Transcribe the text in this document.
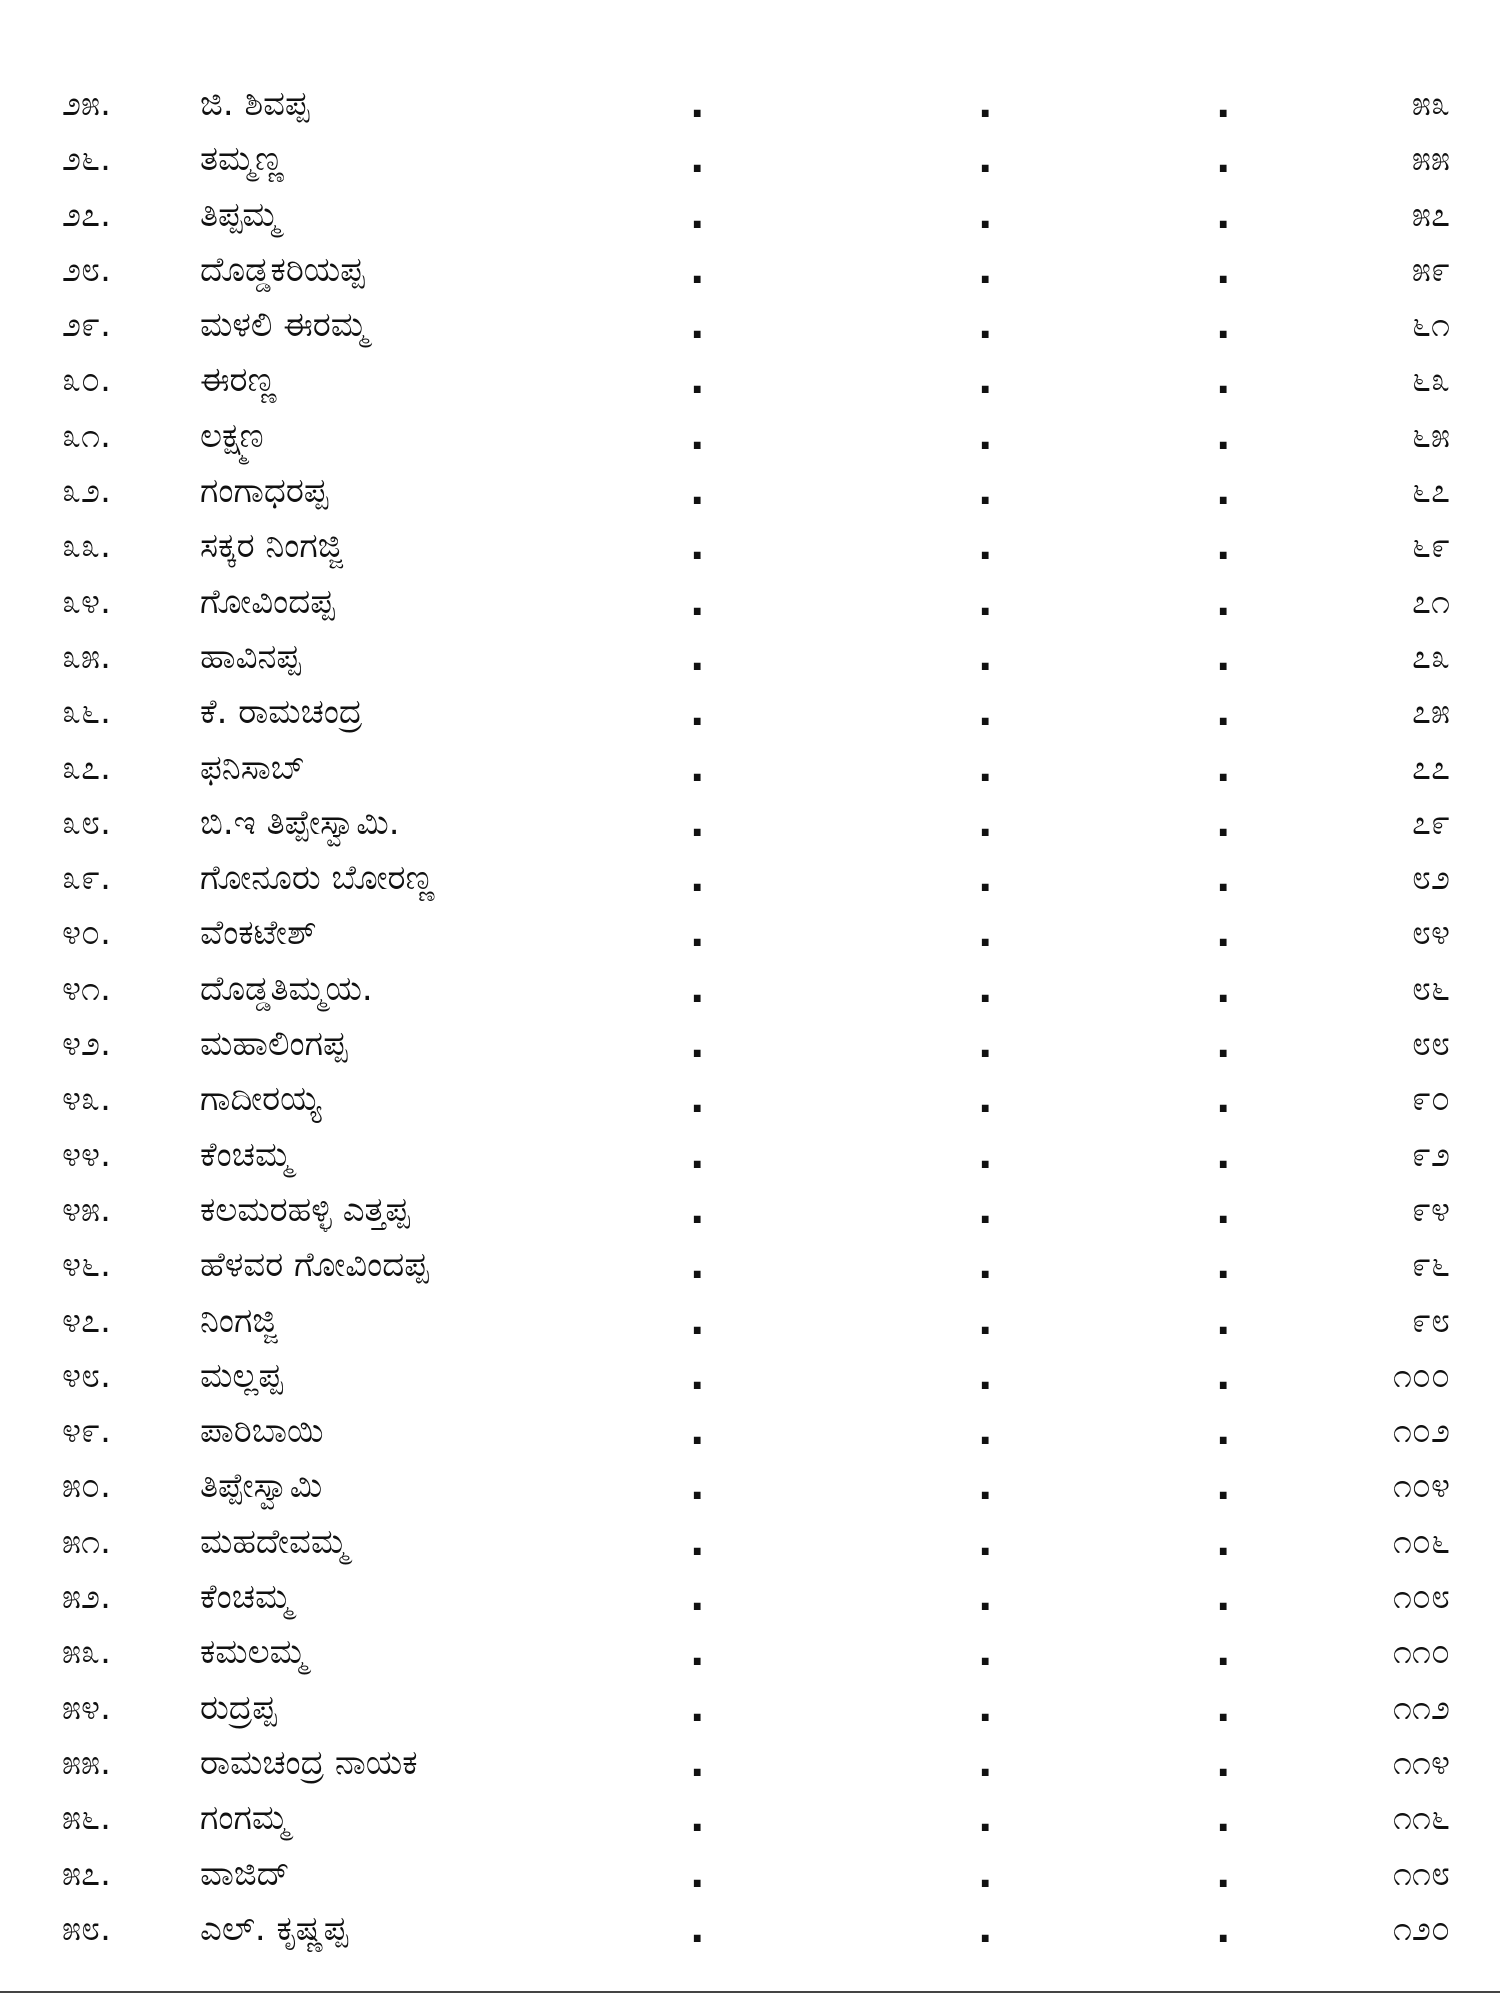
೨೫.	ಜಿ. ಶಿವಪ್ಪ	.	.	.	೫೩
೨೬.	ತಮ್ಮಣ್ಣ	.	.	.	೫೫
೨೭.	ತಿಪ್ಪಮ್ಮ	.	.	.	೫೭
೨೮.	ದೊಡ್ಡಕರಿಯಪ್ಪ	.	.	.	೫೯
೨೯.	ಮಳಲಿ ಈರಮ್ಮ	.	.	.	೬೧
೩೦.	ಈರಣ್ಣ	.	.	.	೬೩
೩೧.	ಲಕ್ಷ್ಮಣ	.	.	.	೬೫
೩೨.	ಗಂಗಾಧರಪ್ಪ	.	.	.	೬೭
೩೩.	ಸಕ್ಕರ ನಿಂಗಜ್ಜಿ	.	.	.	೬೯
೩೪.	ಗೋವಿಂದಪ್ಪ	.	.	.	೭೧
೩೫.	ಹಾವಿನಪ್ಪ	.	.	.	೭೩
೩೬.	ಕೆ. ರಾಮಚಂದ್ರ	.	.	.	೭೫
೩೭.	ಫನಿಸಾಬ್	.	.	.	೭೭
೩೮.	ಬಿ.ಇ ತಿಪ್ಪೇಸ್ವಾಮಿ.	.	.	.	೭೯
೩೯.	ಗೋನೂರು ಬೋರಣ್ಣ	.	.	.	೮೨
೪೦.	ವೆಂಕಟೇಶ್	.	.	.	೮೪
೪೧.	ದೊಡ್ಡತಿಮ್ಮಯ.	.	.	.	೮೬
೪೨.	ಮಹಾಲಿಂಗಪ್ಪ	.	.	.	೮೮
೪೩.	ಗಾದೀರಯ್ಯ	.	.	.	೯೦
೪೪.	ಕೆಂಚಮ್ಮ	.	.	.	೯೨
೪೫.	ಕಲಮರಹಳ್ಳಿ ಎತ್ತಪ್ಪ	.	.	.	೯೪
೪೬.	ಹೆಳವರ ಗೋವಿಂದಪ್ಪ	.	.	.	೯೬
೪೭.	ನಿಂಗಜ್ಜಿ	.	.	.	೯೮
೪೮.	ಮಲ್ಲಪ್ಪ	.	.	.	೧೦೦
೪೯.	ಪಾರಿಬಾಯಿ	.	.	.	೧೦೨
೫೦.	ತಿಪ್ಪೇಸ್ವಾಮಿ	.	.	.	೧೦೪
೫೧.	ಮಹದೇವಮ್ಮ	.	.	.	೧೦೬
೫೨.	ಕೆಂಚಮ್ಮ	.	.	.	೧೦೮
೫೩.	ಕಮಲಮ್ಮ	.	.	.	೧೧೦
೫೪.	ರುದ್ರಪ್ಪ	.	.	.	೧೧೨
೫೫.	ರಾಮಚಂದ್ರ ನಾಯಕ	.	.	.	೧೧೪
೫೬.	ಗಂಗಮ್ಮ	.	.	.	೧೧೬
೫೭.	ವಾಜಿದ್	.	.	.	೧೧೮
೫೮.	ಎಲ್. ಕೃಷ್ಣಪ್ಪ	.	.	.	೧೨೦
